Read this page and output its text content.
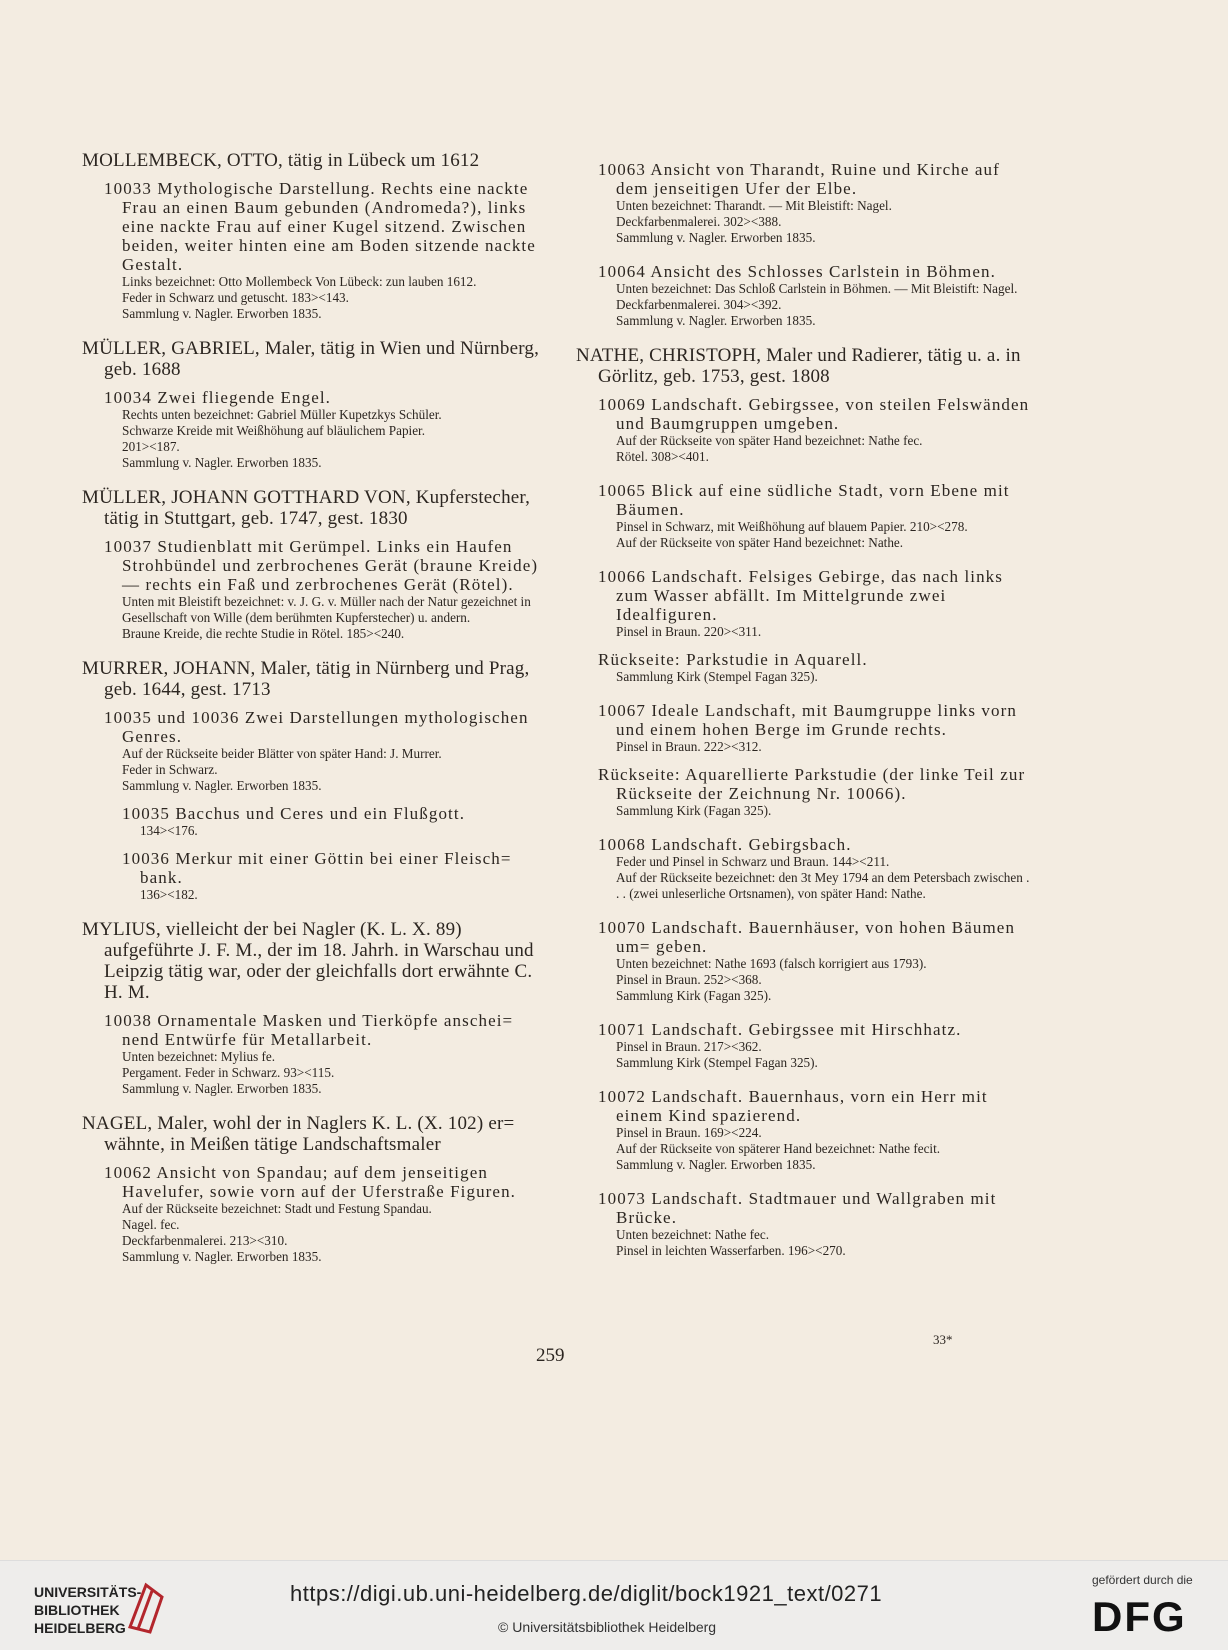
MOLLEMBECK, OTTO, tätig in Lübeck um 1612
10033 Mythologische Darstellung. Rechts eine nackte Frau an einen Baum gebunden (Andromeda?), links eine nackte Frau auf einer Kugel sitzend. Zwischen beiden, weiter hinten eine am Boden sitzende nackte Gestalt.
Links bezeichnet: Otto Mollembeck Von Lübeck: zun lauben 1612.
Feder in Schwarz und getuscht. 183><143.
Sammlung v. Nagler. Erworben 1835.
MÜLLER, GABRIEL, Maler, tätig in Wien und Nürnberg, geb. 1688
10034 Zwei fliegende Engel.
Rechts unten bezeichnet: Gabriel Müller Kupetzkys Schüler.
Schwarze Kreide mit Weißhöhung auf bläulichem Papier.
201><187.
Sammlung v. Nagler. Erworben 1835.
MÜLLER, JOHANN GOTTHARD VON, Kupferstecher, tätig in Stuttgart, geb. 1747, gest. 1830
10037 Studienblatt mit Gerümpel. Links ein Haufen Strohbündel und zerbrochenes Gerät (braune Kreide) — rechts ein Faß und zerbrochenes Gerät (Rötel).
Unten mit Bleistift bezeichnet: v. J. G. v. Müller nach der Natur gezeichnet in Gesellschaft von Wille (dem berühmten Kupferstecher) u. andern.
Braune Kreide, die rechte Studie in Rötel. 185><240.
MURRER, JOHANN, Maler, tätig in Nürnberg und Prag, geb. 1644, gest. 1713
10035 und 10036 Zwei Darstellungen mythologischen Genres.
Auf der Rückseite beider Blätter von später Hand: J. Murrer.
Feder in Schwarz.
Sammlung v. Nagler. Erworben 1835.
10035 Bacchus und Ceres und ein Flußgott.
134><176.
10036 Merkur mit einer Göttin bei einer Fleisch= bank.
136><182.
MYLIUS, vielleicht der bei Nagler (K. L. X. 89) aufgeführte J. F. M., der im 18. Jahrh. in Warschau und Leipzig tätig war, oder der gleichfalls dort erwähnte C. H. M.
10038 Ornamentale Masken und Tierköpfe anschei= nend Entwürfe für Metallarbeit.
Unten bezeichnet: Mylius fe.
Pergament. Feder in Schwarz. 93><115.
Sammlung v. Nagler. Erworben 1835.
NAGEL, Maler, wohl der in Naglers K. L. (X. 102) er= wähnte, in Meißen tätige Landschaftsmaler
10062 Ansicht von Spandau; auf dem jenseitigen Havelufer, sowie vorn auf der Uferstraße Figuren.
Auf der Rückseite bezeichnet: Stadt und Festung Spandau.
Nagel. fec.
Deckfarbenmalerei. 213><310.
Sammlung v. Nagler. Erworben 1835.
10063 Ansicht von Tharandt, Ruine und Kirche auf dem jenseitigen Ufer der Elbe.
Unten bezeichnet: Tharandt. — Mit Bleistift: Nagel.
Deckfarbenmalerei. 302><388.
Sammlung v. Nagler. Erworben 1835.
10064 Ansicht des Schlosses Carlstein in Böhmen.
Unten bezeichnet: Das Schloß Carlstein in Böhmen. — Mit Bleistift: Nagel.
Deckfarbenmalerei. 304><392.
Sammlung v. Nagler. Erworben 1835.
NATHE, CHRISTOPH, Maler und Radierer, tätig u. a. in Görlitz, geb. 1753, gest. 1808
10069 Landschaft. Gebirgssee, von steilen Felswänden und Baumgruppen umgeben.
Auf der Rückseite von später Hand bezeichnet: Nathe fec.
Rötel. 308><401.
10065 Blick auf eine südliche Stadt, vorn Ebene mit Bäumen.
Pinsel in Schwarz, mit Weißhöhung auf blauem Papier. 210><278.
Auf der Rückseite von später Hand bezeichnet: Nathe.
10066 Landschaft. Felsiges Gebirge, das nach links zum Wasser abfällt. Im Mittelgrunde zwei Idealfiguren.
Pinsel in Braun. 220><311.
Rückseite: Parkstudie in Aquarell.
Sammlung Kirk (Stempel Fagan 325).
10067 Ideale Landschaft, mit Baumgruppe links vorn und einem hohen Berge im Grunde rechts.
Pinsel in Braun. 222><312.
Rückseite: Aquarellierte Parkstudie (der linke Teil zur Rückseite der Zeichnung Nr. 10066).
Sammlung Kirk (Fagan 325).
10068 Landschaft. Gebirgsbach.
Feder und Pinsel in Schwarz und Braun. 144><211.
Auf der Rückseite bezeichnet: den 3t Mey 1794 an dem Petersbach zwischen . . . (zwei unleserliche Ortsnamen), von später Hand: Nathe.
10070 Landschaft. Bauernhäuser, von hohen Bäumen um= geben.
Unten bezeichnet: Nathe 1693 (falsch korrigiert aus 1793).
Pinsel in Braun. 252><368.
Sammlung Kirk (Fagan 325).
10071 Landschaft. Gebirgssee mit Hirschhatz.
Pinsel in Braun. 217><362.
Sammlung Kirk (Stempel Fagan 325).
10072 Landschaft. Bauernhaus, vorn ein Herr mit einem Kind spazierend.
Pinsel in Braun. 169><224.
Auf der Rückseite von späterer Hand bezeichnet: Nathe fecit.
Sammlung v. Nagler. Erworben 1835.
10073 Landschaft. Stadtmauer und Wallgraben mit Brücke.
Unten bezeichnet: Nathe fec.
Pinsel in leichten Wasserfarben. 196><270.
259
33*
UNIVERSITÄTS-
BIBLIOTHEK
HEIDELBERG
https://digi.ub.uni-heidelberg.de/diglit/bock1921_text/0271
© Universitätsbibliothek Heidelberg
gefördert durch die
DFG
